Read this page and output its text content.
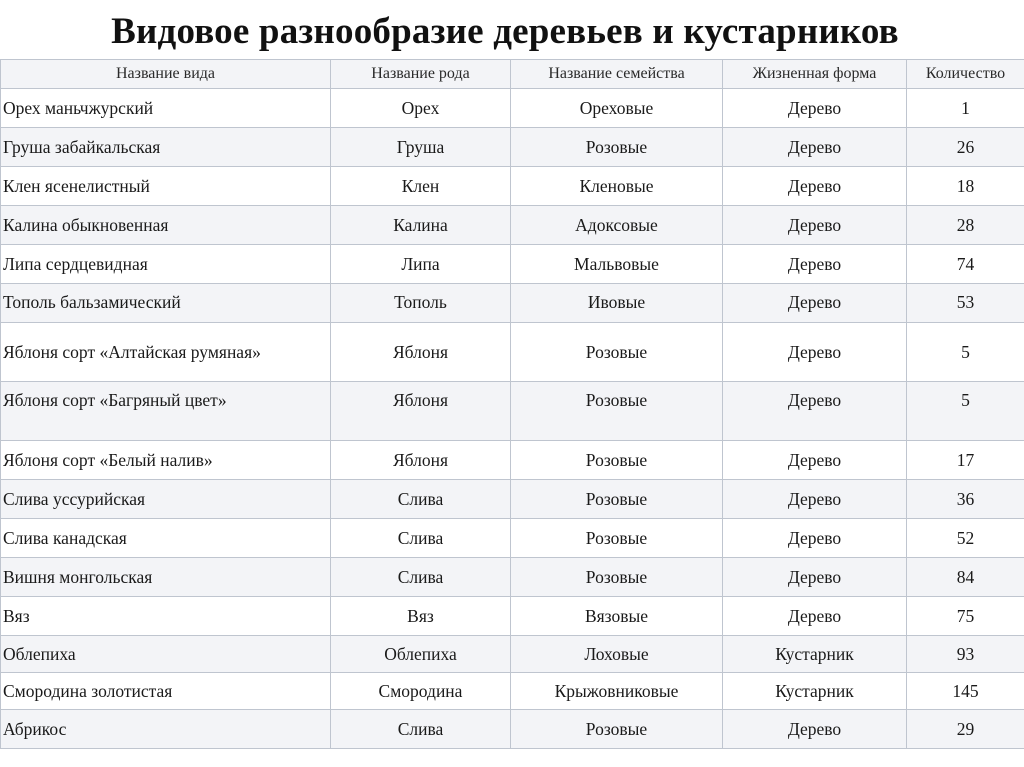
Видовое разнообразие деревьев и кустарников
Название вида	Название рода	Название семейства	Жизненная форма	Количество
Орех маньчжурский	Орех	Ореховые	Дерево	1
Груша забайкальская	Груша	Розовые	Дерево	26
Клен ясенелистный	Клен	Кленовые	Дерево	18
Калина обыкновенная	Калина	Адоксовые	Дерево	28
Липа сердцевидная	Липа	Мальвовые	Дерево	74
Тополь бальзамический	Тополь	Ивовые	Дерево	53
Яблоня сорт «Алтайская румяная»	Яблоня	Розовые	Дерево	5
Яблоня сорт «Багряный цвет»	Яблоня	Розовые	Дерево	5
Яблоня сорт «Белый налив»	Яблоня	Розовые	Дерево	17
Слива уссурийская	Слива	Розовые	Дерево	36
Слива канадская	Слива	Розовые	Дерево	52
Вишня монгольская	Слива	Розовые	Дерево	84
Вяз	Вяз	Вязовые	Дерево	75
Облепиха	Облепиха	Лоховые	Кустарник	93
Смородина золотистая	Смородина	Крыжовниковые	Кустарник	145
Абрикос	Слива	Розовые	Дерево	29
